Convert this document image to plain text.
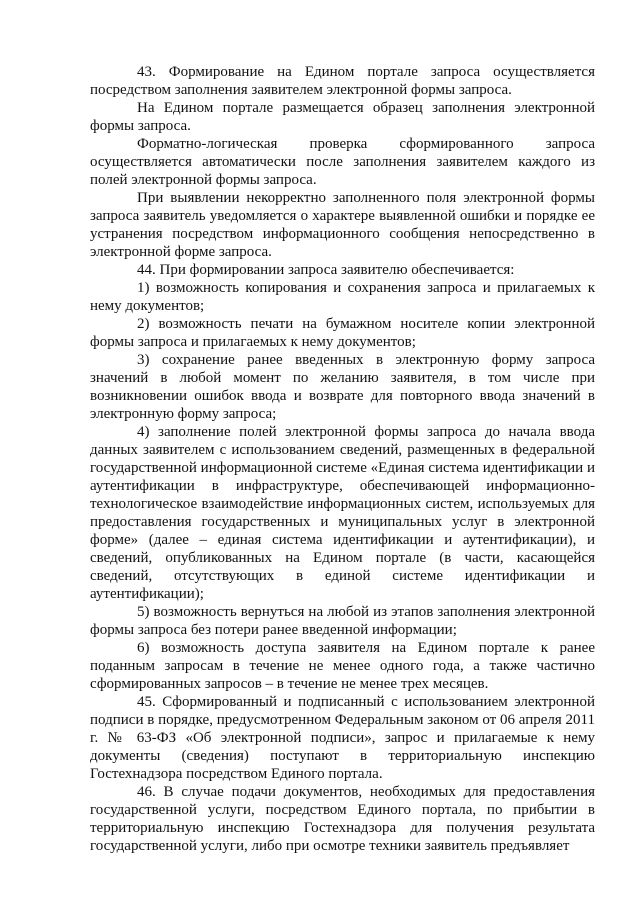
43. Формирование на Едином портале запроса осуществляется посредством заполнения заявителем электронной формы запроса.

На Едином портале размещается образец заполнения электронной формы запроса.

Форматно-логическая проверка сформированного запроса осуществляется автоматически после заполнения заявителем каждого из полей электронной формы запроса.

При выявлении некорректно заполненного поля электронной формы запроса заявитель уведомляется о характере выявленной ошибки и порядке ее устранения посредством информационного сообщения непосредственно в электронной форме запроса.

44. При формировании запроса заявителю обеспечивается:

1) возможность копирования и сохранения запроса и прилагаемых к нему документов;

2) возможность печати на бумажном носителе копии электронной формы запроса и прилагаемых к нему документов;

3) сохранение ранее введенных в электронную форму запроса значений в любой момент по желанию заявителя, в том числе при возникновении ошибок ввода и возврате для повторного ввода значений в электронную форму запроса;

4) заполнение полей электронной формы запроса до начала ввода данных заявителем с использованием сведений, размещенных в федеральной государственной информационной системе «Единая система идентификации и аутентификации в инфраструктуре, обеспечивающей информационно-технологическое взаимодействие информационных систем, используемых для предоставления государственных и муниципальных услуг в электронной форме» (далее – единая система идентификации и аутентификации), и сведений, опубликованных на Едином портале (в части, касающейся сведений, отсутствующих в единой системе идентификации и аутентификации);

5) возможность вернуться на любой из этапов заполнения электронной формы запроса без потери ранее введенной информации;

6) возможность доступа заявителя на Едином портале к ранее поданным запросам в течение не менее одного года, а также частично сформированных запросов – в течение не менее трех месяцев.

45. Сформированный и подписанный с использованием электронной подписи в порядке, предусмотренном Федеральным законом от 06 апреля 2011 г. № 63-ФЗ «Об электронной подписи», запрос и прилагаемые к нему документы (сведения) поступают в территориальную инспекцию Гостехнадзора посредством Единого портала.

46. В случае подачи документов, необходимых для предоставления государственной услуги, посредством Единого портала, по прибытии в территориальную инспекцию Гостехнадзора для получения результата государственной услуги, либо при осмотре техники заявитель предъявляет
